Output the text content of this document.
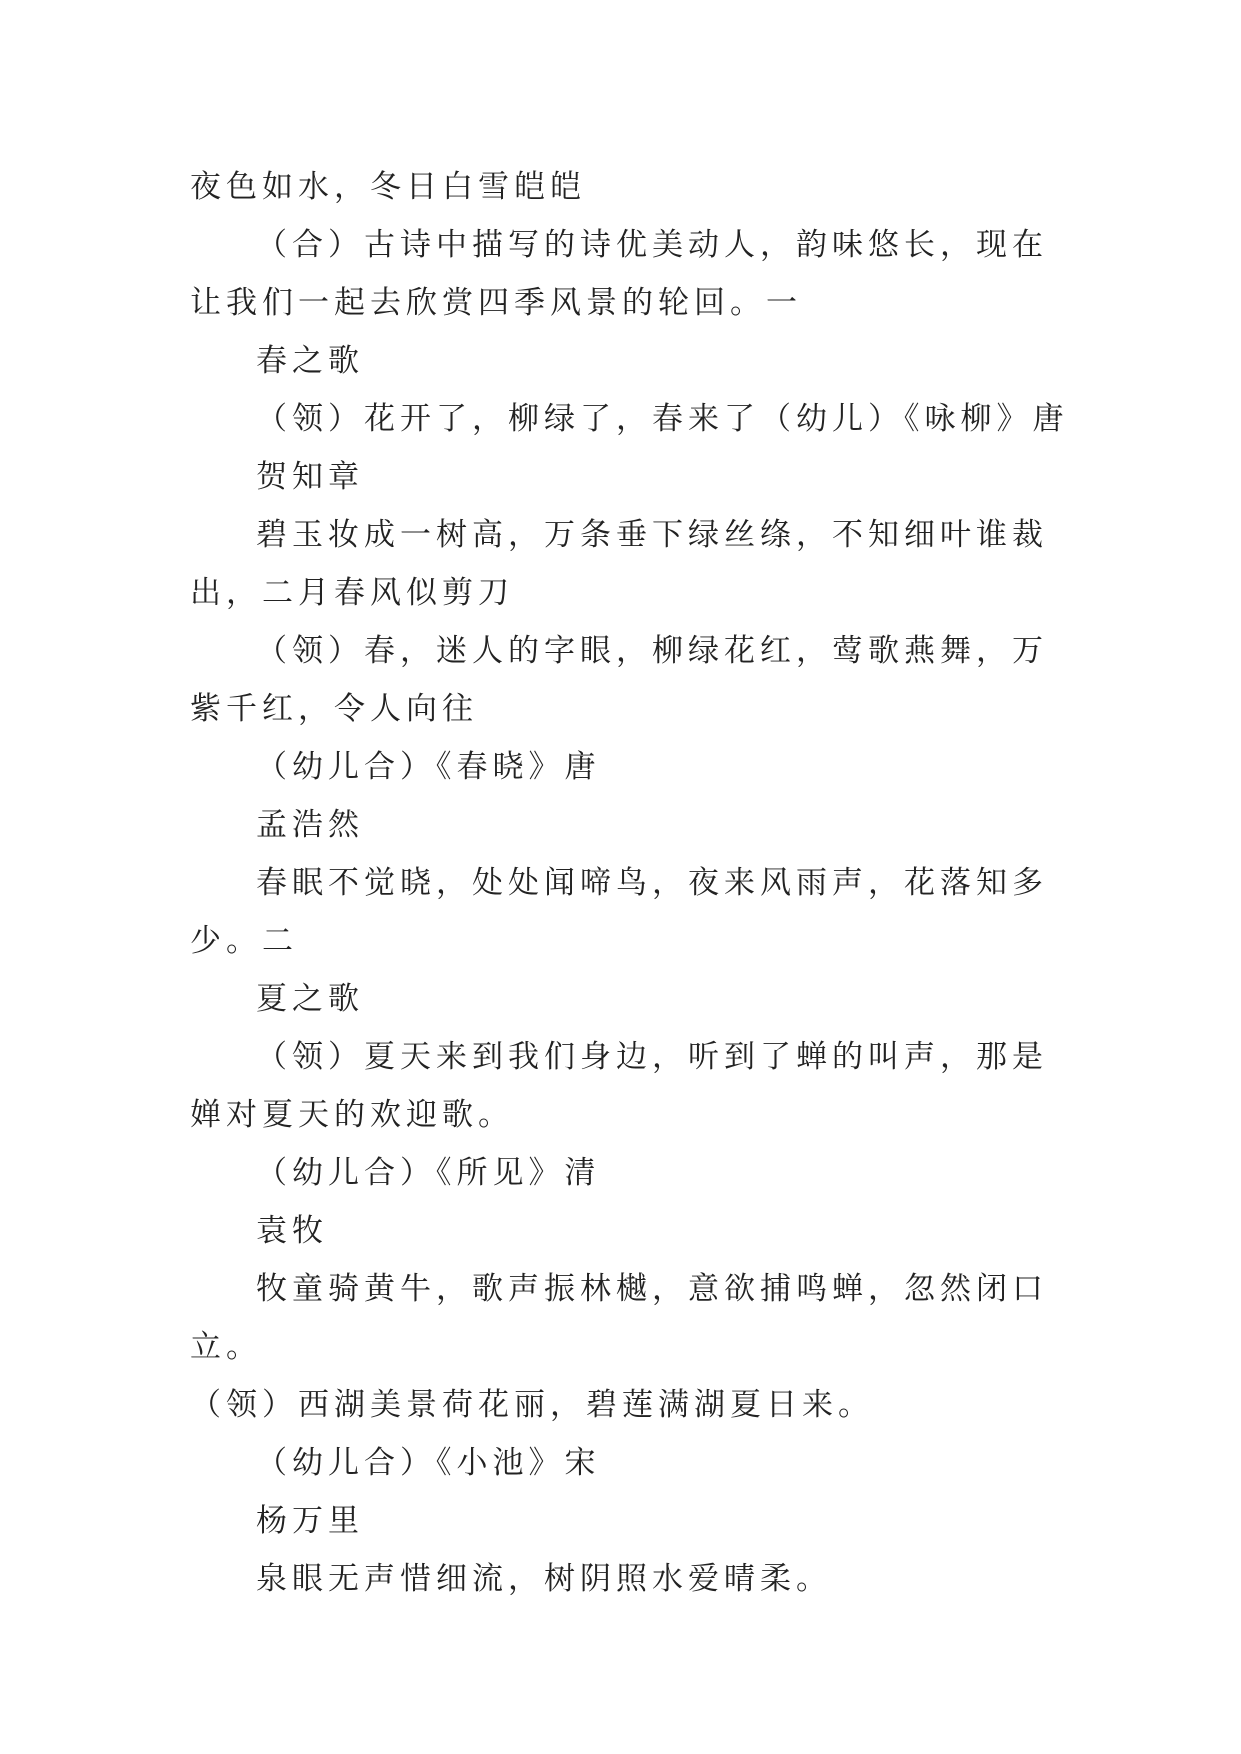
夜色如水，冬日白雪皑皑

（合）古诗中描写的诗优美动人，韵味悠长，现在让我们一起去欣赏四季风景的轮回。一

春之歌

（领）花开了，柳绿了，春来了（幼儿）《咏柳》唐

贺知章

碧玉妆成一树高，万条垂下绿丝绦，不知细叶谁裁出，二月春风似剪刀

（领）春，迷人的字眼，柳绿花红，莺歌燕舞，万紫千红，令人向往

（幼儿合）《春晓》唐

孟浩然

春眠不觉晓，处处闻啼鸟，夜来风雨声，花落知多少。二

夏之歌

（领）夏天来到我们身边，听到了蝉的叫声，那是婵对夏天的欢迎歌。

（幼儿合）《所见》清

袁牧

牧童骑黄牛，歌声振林樾，意欲捕鸣蝉，忽然闭口立。

（领）西湖美景荷花丽，碧莲满湖夏日来。

（幼儿合）《小池》宋

杨万里

泉眼无声惜细流，树阴照水爱晴柔。
